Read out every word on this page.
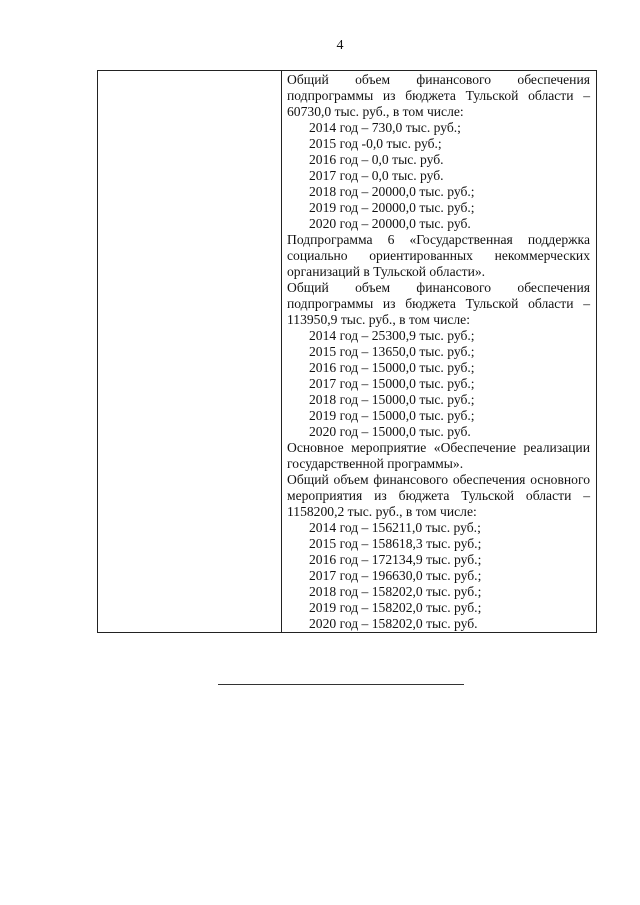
4

Общий объем финансового обеспечения подпрограммы из бюджета Тульской области – 60730,0 тыс. руб., в том числе:
2014 год – 730,0 тыс. руб.;
2015 год -0,0 тыс. руб.;
2016 год – 0,0 тыс. руб.
2017 год – 0,0 тыс. руб.
2018 год – 20000,0 тыс. руб.;
2019 год – 20000,0 тыс. руб.;
2020 год – 20000,0 тыс. руб.
Подпрограмма 6 «Государственная поддержка социально ориентированных некоммерческих организаций в Тульской области».
Общий объем финансового обеспечения подпрограммы из бюджета Тульской области – 113950,9 тыс. руб., в том числе:
2014 год – 25300,9 тыс. руб.;
2015 год – 13650,0 тыс. руб.;
2016 год – 15000,0 тыс. руб.;
2017 год – 15000,0 тыс. руб.;
2018 год – 15000,0 тыс. руб.;
2019 год – 15000,0 тыс. руб.;
2020 год – 15000,0 тыс. руб.
Основное мероприятие «Обеспечение реализации государственной программы».
Общий объем финансового обеспечения основного мероприятия из бюджета Тульской области – 1158200,2 тыс. руб., в том числе:
2014 год – 156211,0 тыс. руб.;
2015 год – 158618,3 тыс. руб.;
2016 год – 172134,9 тыс. руб.;
2017 год – 196630,0 тыс. руб.;
2018 год – 158202,0 тыс. руб.;
2019 год – 158202,0 тыс. руб.;
2020 год – 158202,0 тыс. руб.
